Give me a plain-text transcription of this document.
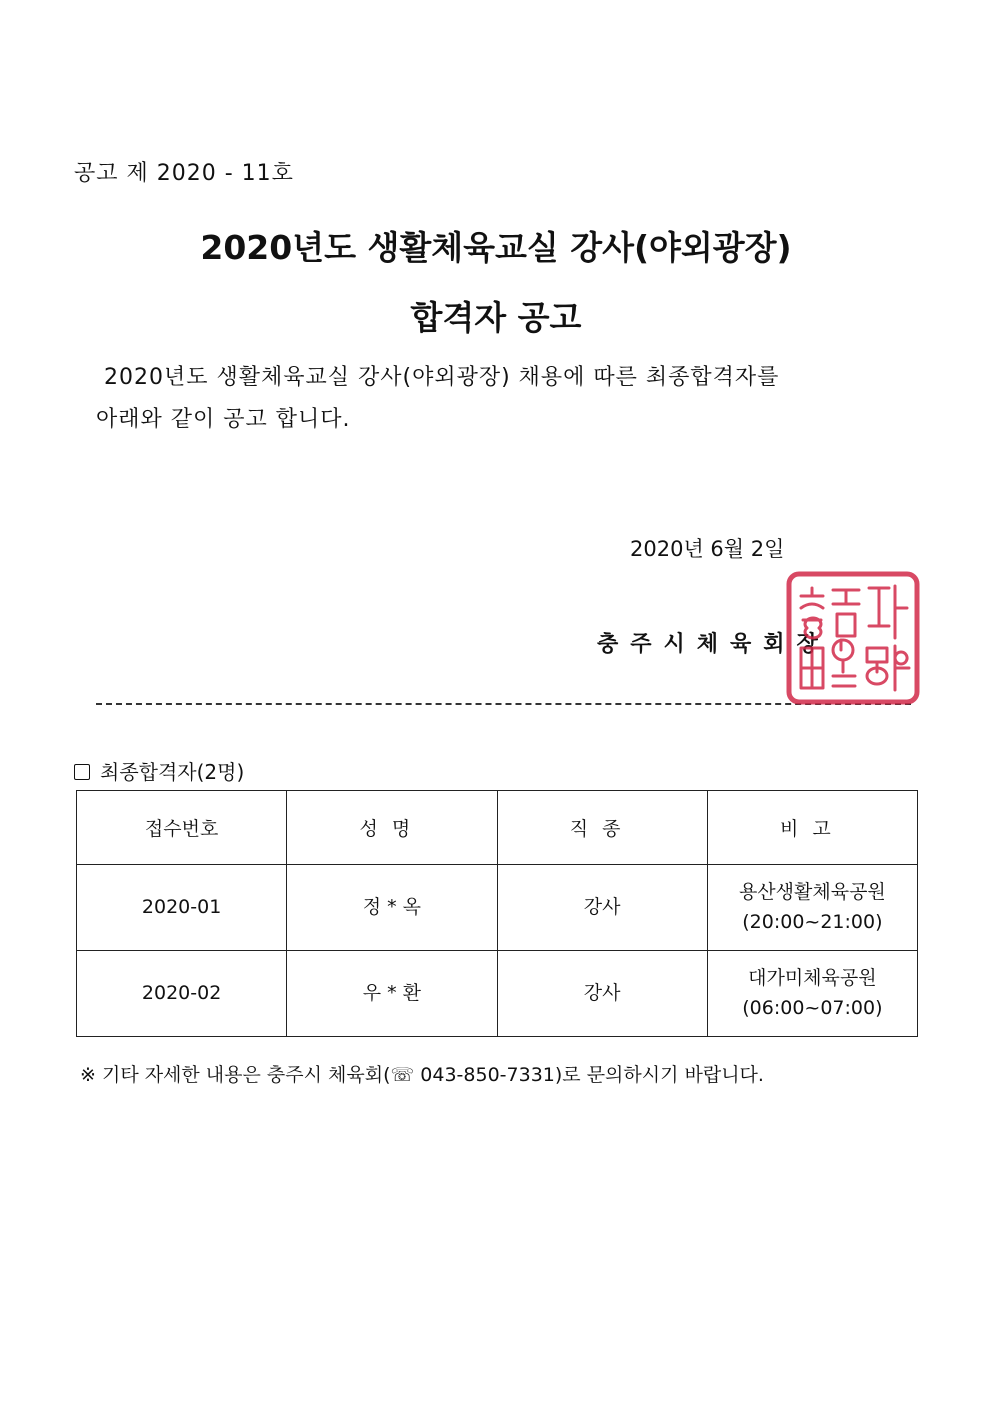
공고 제 2020 - 11호
2020년도 생활체육교실 강사(야외광장)
합격자 공고
2020년도 생활체육교실 강사(야외광장) 채용에 따른 최종합격자를
아래와 같이 공고 합니다.
2020년 6월 2일
충주시체육회장
최종합격자(2명)
접수번호	성명	직종	비고
2020-01	정 * 옥	강사	용산생활체육공원
(20:00~21:00)

2020-02	우 * 환	강사	대가미체육공원
(06:00~07:00)
※ 기타 자세한 내용은 충주시 체육회(☏ 043-850-7331)로 문의하시기 바랍니다.
